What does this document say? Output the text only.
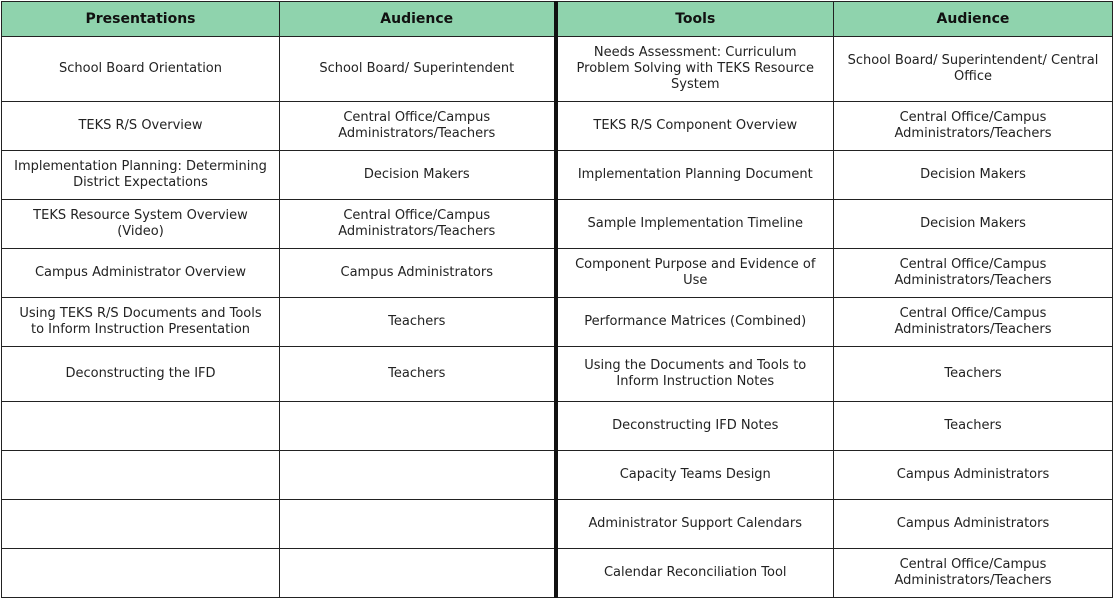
Presentations	Audience	Tools	Audience
School Board Orientation	School Board/ Superintendent	Needs Assessment: Curriculum Problem Solving with TEKS Resource System	School Board/ Superintendent/ Central Office
TEKS R/S Overview	Central Office/Campus Administrators/Teachers	TEKS R/S Component Overview	Central Office/Campus Administrators/Teachers
Implementation Planning: Determining District Expectations	Decision Makers	Implementation Planning Document	Decision Makers
TEKS Resource System Overview (Video)	Central Office/Campus Administrators/Teachers	Sample Implementation Timeline	Decision Makers
Campus Administrator Overview	Campus Administrators	Component Purpose and Evidence of Use	Central Office/Campus Administrators/Teachers
Using TEKS R/S Documents and Tools to Inform Instruction Presentation	Teachers	Performance Matrices (Combined)	Central Office/Campus Administrators/Teachers
Deconstructing the IFD	Teachers	Using the Documents and Tools to Inform Instruction Notes	Teachers
		Deconstructing IFD Notes	Teachers
		Capacity Teams Design	Campus Administrators
		Administrator Support Calendars	Campus Administrators
		Calendar Reconciliation Tool	Central Office/Campus Administrators/Teachers
